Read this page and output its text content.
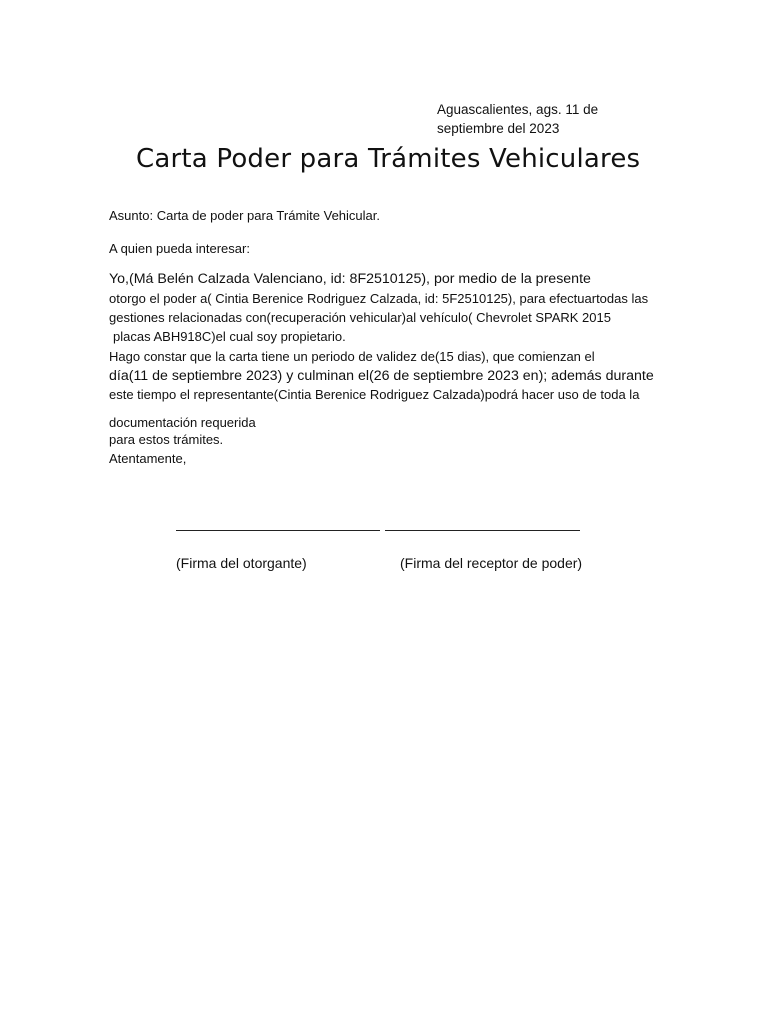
Aguascalientes, ags. 11 de
septiembre del 2023
Carta Poder para Trámites Vehiculares
Asunto: Carta de poder para Trámite Vehicular.
A quien pueda interesar:
Yo,(Má Belén Calzada Valenciano, id: 8F2510125), por medio de la presente
otorgo el poder a( Cintia Berenice Rodriguez Calzada, id: 5F2510125), para efectuartodas las
gestiones relacionadas con(recuperación vehicular)al vehículo( Chevrolet SPARK 2015
placas ABH918C)el cual soy propietario.
Hago constar que la carta tiene un periodo de validez de(15 dias), que comienzan el
día(11 de septiembre 2023) y culminan el(26 de septiembre 2023 en); además durante
este tiempo el representante(Cintia Berenice Rodriguez Calzada)podrá hacer uso de toda la
documentación requerida
para estos trámites.
Atentamente,
(Firma del otorgante)	(Firma del receptor de poder)
